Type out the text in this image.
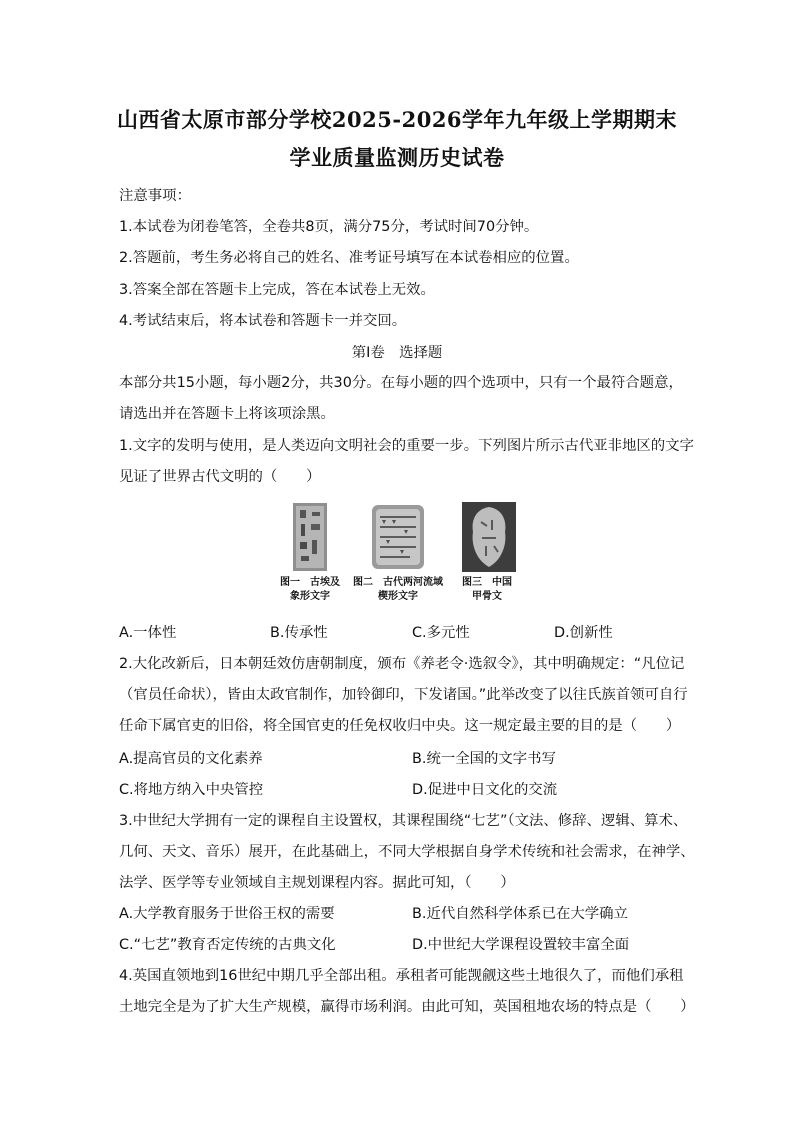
山西省太原市部分学校2025-2026学年九年级上学期期末
学业质量监测历史试卷
注意事项：
1.本试卷为闭卷笔答，全卷共8页，满分75分，考试时间70分钟。
2.答题前，考生务必将自己的姓名、准考证号填写在本试卷相应的位置。
3.答案全部在答题卡上完成，答在本试卷上无效。
4.考试结束后，将本试卷和答题卡一并交回。
第Ⅰ卷　选择题
本部分共15小题，每小题2分，共30分。在每小题的四个选项中，只有一个最符合题意，
请选出并在答题卡上将该项涂黑。
1.文字的发明与使用，是人类迈向文明社会的重要一步。下列图片所示古代亚非地区的文字
见证了世界古代文明的（　　）
图一　古埃及
象形文字
图二　古代两河流域
楔形文字
图三　中国
甲骨文
A.一体性	B.传承性	C.多元性	D.创新性
2.大化改新后，日本朝廷效仿唐朝制度，颁布《养老令·选叙令》，其中明确规定：“凡位记
（官员任命状），皆由太政官制作，加铃御印，下发诸国。”此举改变了以往氏族首领可自行
任命下属官吏的旧俗，将全国官吏的任免权收归中央。这一规定最主要的目的是（　　）
A.提高官员的文化素养	B.统一全国的文字书写
C.将地方纳入中央管控	D.促进中日文化的交流
3.中世纪大学拥有一定的课程自主设置权，其课程围绕“七艺”（文法、修辞、逻辑、算术、
几何、天文、音乐）展开，在此基础上，不同大学根据自身学术传统和社会需求，在神学、
法学、医学等专业领域自主规划课程内容。据此可知，（　　）
A.大学教育服务于世俗王权的需要	B.近代自然科学体系已在大学确立
C.“七艺”教育否定传统的古典文化	D.中世纪大学课程设置较丰富全面
4.英国直领地到16世纪中期几乎全部出租。承租者可能觊觎这些土地很久了，而他们承租
土地完全是为了扩大生产规模，赢得市场利润。由此可知，英国租地农场的特点是（　　）
